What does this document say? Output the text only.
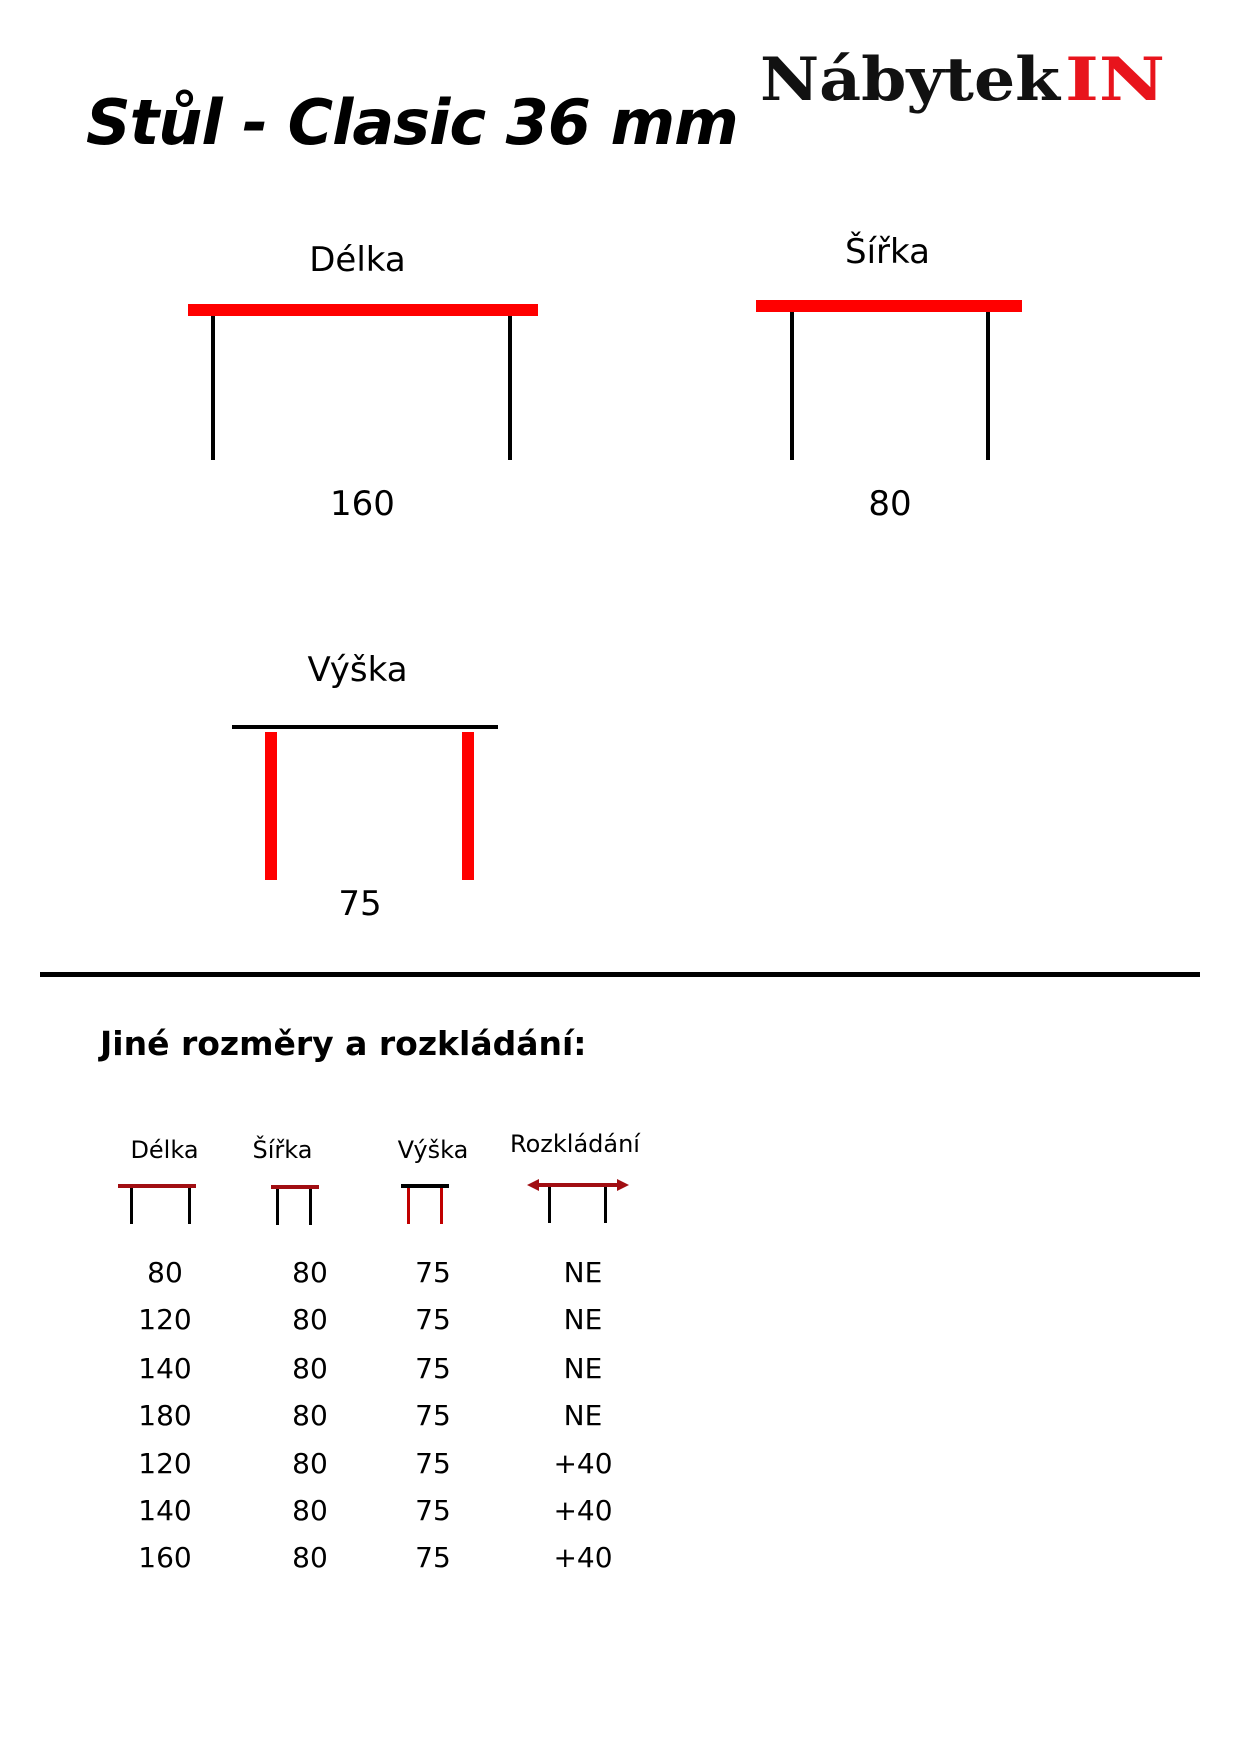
Nábytek IN
Stůl - Clasic 36 mm
Délka
160
Šířka
80
Výška
75
Jiné rozměry a rozkládání:
Délka	Šířka	Výška	Rozkládání
80	80	75	NE
120	80	75	NE
140	80	75	NE
180	80	75	NE
120	80	75	+40
140	80	75	+40
160	80	75	+40
